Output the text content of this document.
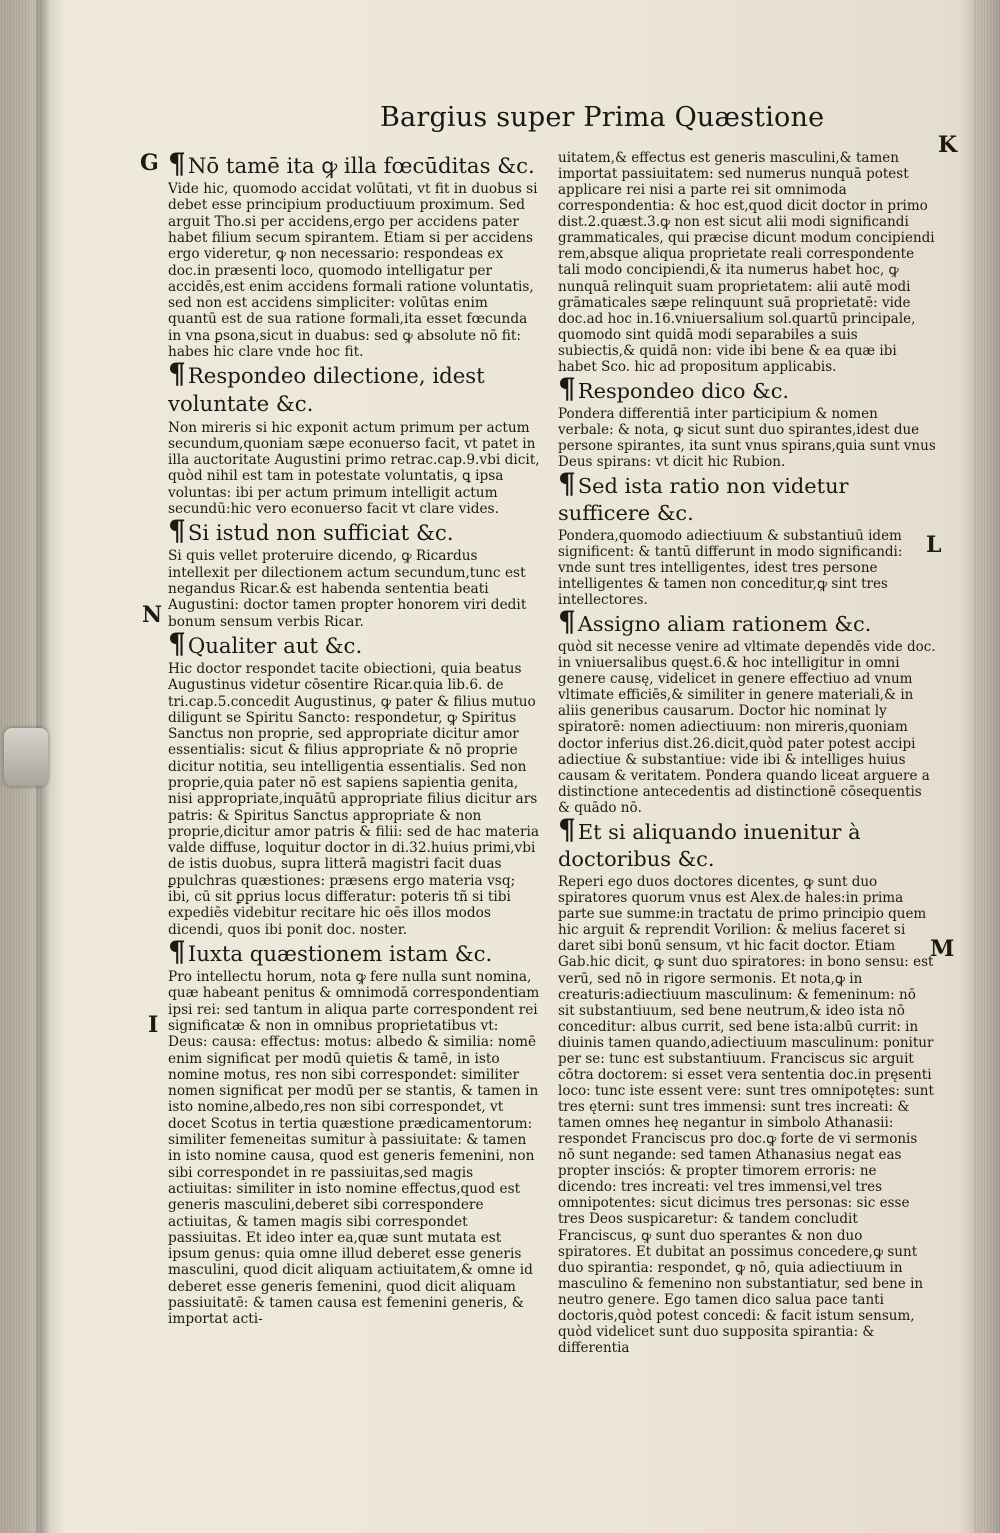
Bargius super Prima Quæstione
G
K
L
M
N
I

¶Nō tamē ita ꝙ illa fœcūditas &c.

Vide hic, quomodo accidat volūtati, vt fit in duobus si debet esse principium productiuum proximum. Sed arguit Tho.si per accidens,ergo per accidens pater habet filium secum spirantem. Etiam si per accidens ergo videretur, ꝙ non necessario: respondeas ex doc.in præsenti loco, quomodo intelligatur per accidēs,est enim accidens formali ratione voluntatis, sed non est accidens simpliciter: volūtas enim quantū est de sua ratione formali,ita esset fœcunda in vna ꝑsona,sicut in duabus: sed ꝙ absolute nō fit: habes hic clare vnde hoc fit.

¶Respondeo dilectione, idest voluntate &c.

Non mireris si hic exponit actum primum per actum secundum,quoniam sæpe econuerso facit, vt patet in illa auctoritate Augustini primo retrac.cap.9.vbi dicit, quòd nihil est tam in potestate voluntatis, ꝗ ipsa voluntas: ibi per actum primum intelligit actum secundū:hic vero econuerso facit vt clare vides.

¶Si istud non sufficiat &c.

Si quis vellet proteruire dicendo, ꝙ Ricardus intellexit per dilectionem actum secundum,tunc est negandus Ricar.& est habenda sententia beati Augustini: doctor tamen propter honorem viri dedit bonum sensum verbis Ricar.

¶Qualiter aut &c.

Hic doctor respondet tacite obiectioni, quia beatus Augustinus videtur cōsentire Ricar.quia lib.6. de tri.cap.5.concedit Augustinus, ꝙ pater & filius mutuo diligunt se Spiritu Sancto: respondetur, ꝙ Spiritus Sanctus non proprie, sed appropriate dicitur amor essentialis: sicut & filius appropriate & nō proprie dicitur notitia, seu intelligentia essentialis. Sed non proprie,quia pater nō est sapiens sapientia genita, nisi appropriate,inquātū appropriate filius dicitur ars patris: & Spiritus Sanctus appropriate & non proprie,dicitur amor patris & filii: sed de hac materia valde diffuse, loquitur doctor in di.32.huius primi,vbi de istis duobus, supra litterā magistri facit duas ꝑpulchras quæstiones: præsens ergo materia vsq; ibi, cū sit ꝑprius locus differatur: poteris tñ si tibi expediēs videbitur recitare hic oēs illos modos dicendi, quos ibi ponit doc. noster.

¶Iuxta quæstionem istam &c.

Pro intellectu horum, nota ꝙ fere nulla sunt nomina, quæ habeant penitus & omnimodā correspondentiam ipsi rei: sed tantum in aliqua parte correspondent rei significatæ & non in omnibus proprietatibus vt: Deus: causa: effectus: motus: albedo & similia: nomē enim significat per modū quietis & tamē, in isto nomine motus, res non sibi correspondet: similiter nomen significat per modū per se stantis, & tamen in isto nomine,albedo,res non sibi correspondet, vt docet Scotus in tertia quæstione prædicamentorum: similiter femeneitas sumitur à passiuitate: & tamen in isto nomine causa, quod est generis femenini, non sibi correspondet in re passiuitas,sed magis actiuitas: similiter in isto nomine effectus,quod est generis masculini,deberet sibi correspondere actiuitas, & tamen magis sibi correspondet passiuitas. Et ideo inter ea,quæ sunt mutata est ipsum genus: quia omne illud deberet esse generis masculini, quod dicit aliquam actiuitatem,& omne id deberet esse generis femenini, quod dicit aliquam passiuitatē: & tamen causa est femenini generis, & importat acti-

uitatem,& effectus est generis masculini,& tamen importat passiuitatem: sed numerus nunquā potest applicare rei nisi a parte rei sit omnimoda correspondentia: & hoc est,quod dicit doctor in primo dist.2.quæst.3.ꝙ non est sicut alii modi significandi grammaticales, qui præcise dicunt modum concipiendi rem,absque aliqua proprietate reali correspondente tali modo concipiendi,& ita numerus habet hoc, ꝙ nunquā relinquit suam proprietatem: alii autē modi grāmaticales sæpe relinquunt suā proprietatē: vide doc.ad hoc in.16.vniuersalium sol.quartū principale, quomodo sint quidā modi separabiles a suis subiectis,& quidā non: vide ibi bene & ea quæ ibi habet Sco. hic ad propositum applicabis.

¶Respondeo dico &c.

Pondera differentiā inter participium & nomen verbale: & nota, ꝙ sicut sunt duo spirantes,idest due persone spirantes, ita sunt vnus spirans,quia sunt vnus Deus spirans: vt dicit hic Rubion.

¶Sed ista ratio non videtur sufficere &c.

Pondera,quomodo adiectiuum & substantiuū idem significent: & tantū differunt in modo significandi: vnde sunt tres intelligentes, idest tres persone intelligentes & tamen non conceditur,ꝙ sint tres intellectores.

¶Assigno aliam rationem &c.

quòd sit necesse venire ad vltimate dependēs vide doc. in vniuersalibus quęst.6.& hoc intelligitur in omni genere causę, videlicet in genere effectiuo ad vnum vltimate efficiēs,& similiter in genere materiali,& in aliis generibus causarum. Doctor hic nominat ly spiratorē: nomen adiectiuum: non mireris,quoniam doctor inferius dist.26.dicit,quòd pater potest accipi adiectiue & substantiue: vide ibi & intelliges huius causam & veritatem. Pondera quando liceat arguere a distinctione antecedentis ad distinctionē cōsequentis & quādo nō.

¶Et si aliquando inuenitur à doctoribus &c.

Reperi ego duos doctores dicentes, ꝙ sunt duo spiratores quorum vnus est Alex.de hales:in prima parte sue summe:in tractatu de primo principio quem hic arguit & reprendit Vorilion: & melius faceret si daret sibi bonū sensum, vt hic facit doctor. Etiam Gab.hic dicit, ꝙ sunt duo spiratores: in bono sensu: est verū, sed nō in rigore sermonis. Et nota,ꝙ in creaturis:adiectiuum masculinum: & femeninum: nō sit substantiuum, sed bene neutrum,& ideo ista nō conceditur: albus currit, sed bene ista:albū currit: in diuinis tamen quando,adiectiuum masculinum: ponitur per se: tunc est substantiuum. Franciscus sic arguit cōtra doctorem: si esset vera sententia doc.in pręsenti loco: tunc iste essent vere: sunt tres omnipotętes: sunt tres ęterni: sunt tres immensi: sunt tres increati: & tamen omnes heę negantur in simbolo Athanasii: respondet Franciscus pro doc.ꝙ forte de vi sermonis nō sunt negande: sed tamen Athanasius negat eas propter insciós: & propter timorem erroris: ne dicendo: tres increati: vel tres immensi,vel tres omnipotentes: sicut dicimus tres personas: sic esse tres Deos suspicaretur: & tandem concludit Franciscus, ꝙ sunt duo sperantes & non duo spiratores. Et dubitat an possimus concedere,ꝙ sunt duo spirantia: respondet, ꝙ nō, quia adiectiuum in masculino & femenino non substantiatur, sed bene in neutro genere. Ego tamen dico salua pace tanti doctoris,quòd potest concedi: & facit istum sensum, quòd videlicet sunt duo supposita spirantia: & differentia
